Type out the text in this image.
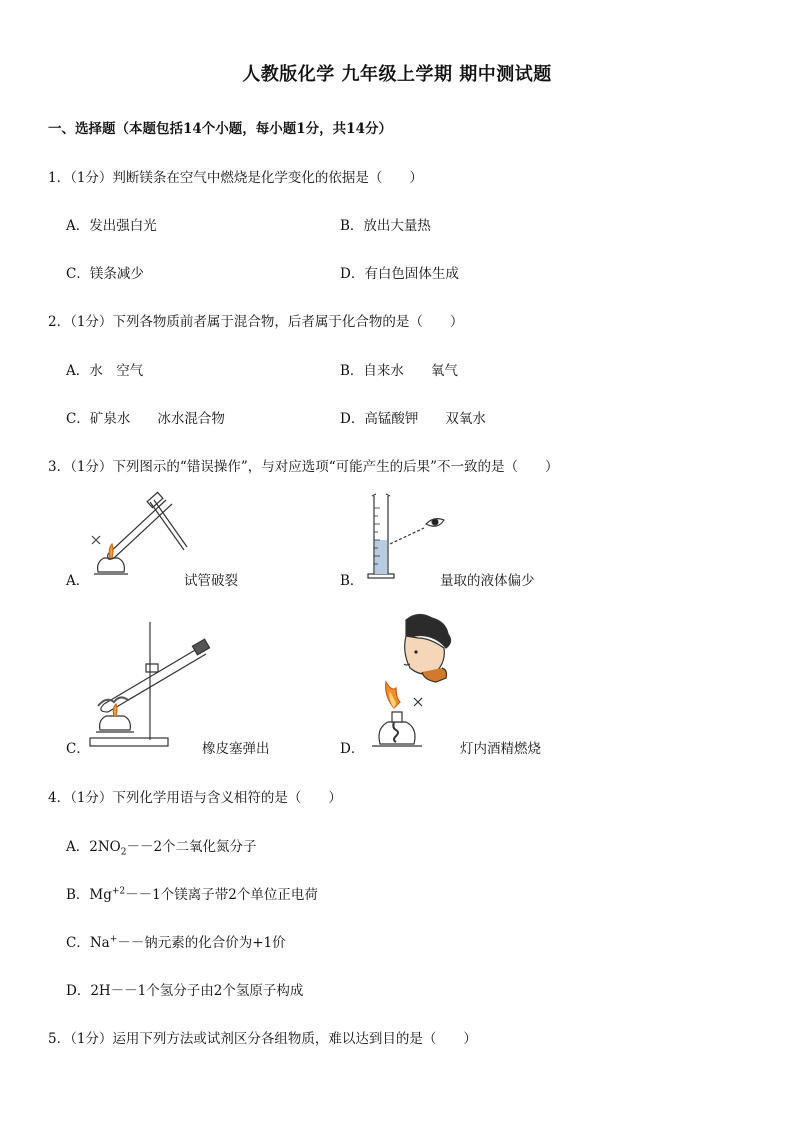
人教版化学 九年级上学期 期中测试题
一、选择题（本题包括14个小题，每小题1分，共14分）
1．（1分）判断镁条在空气中燃烧是化学变化的依据是（　　）
A．发出强白光	B．放出大量热
C．镁条减少	D．有白色固体生成
2．（1分）下列各物质前者属于混合物，后者属于化合物的是（　　）
A．水　空气	B．自来水　　氧气
C．矿泉水　　冰水混合物	D．高锰酸钾　　双氧水
3．（1分）下列图示的“错误操作”，与对应选项“可能产生的后果”不一致的是（　　）
A．	试管破裂	B．	量取的液体偏少
C．	橡皮塞弹出	D．	灯内酒精燃烧
4．（1分）下列化学用语与含义相符的是（　　）
A．$2NO_2--2$个二氧化氮分子
B．$Mg^{+2}--1$个镁离子带2个单位正电荷
C．Na+－－钠元素的化合价为+1价
D．2H－－1个氢分子由2个氢原子构成
5．（1分）运用下列方法或试剂区分各组物质，难以达到目的是（　　）
